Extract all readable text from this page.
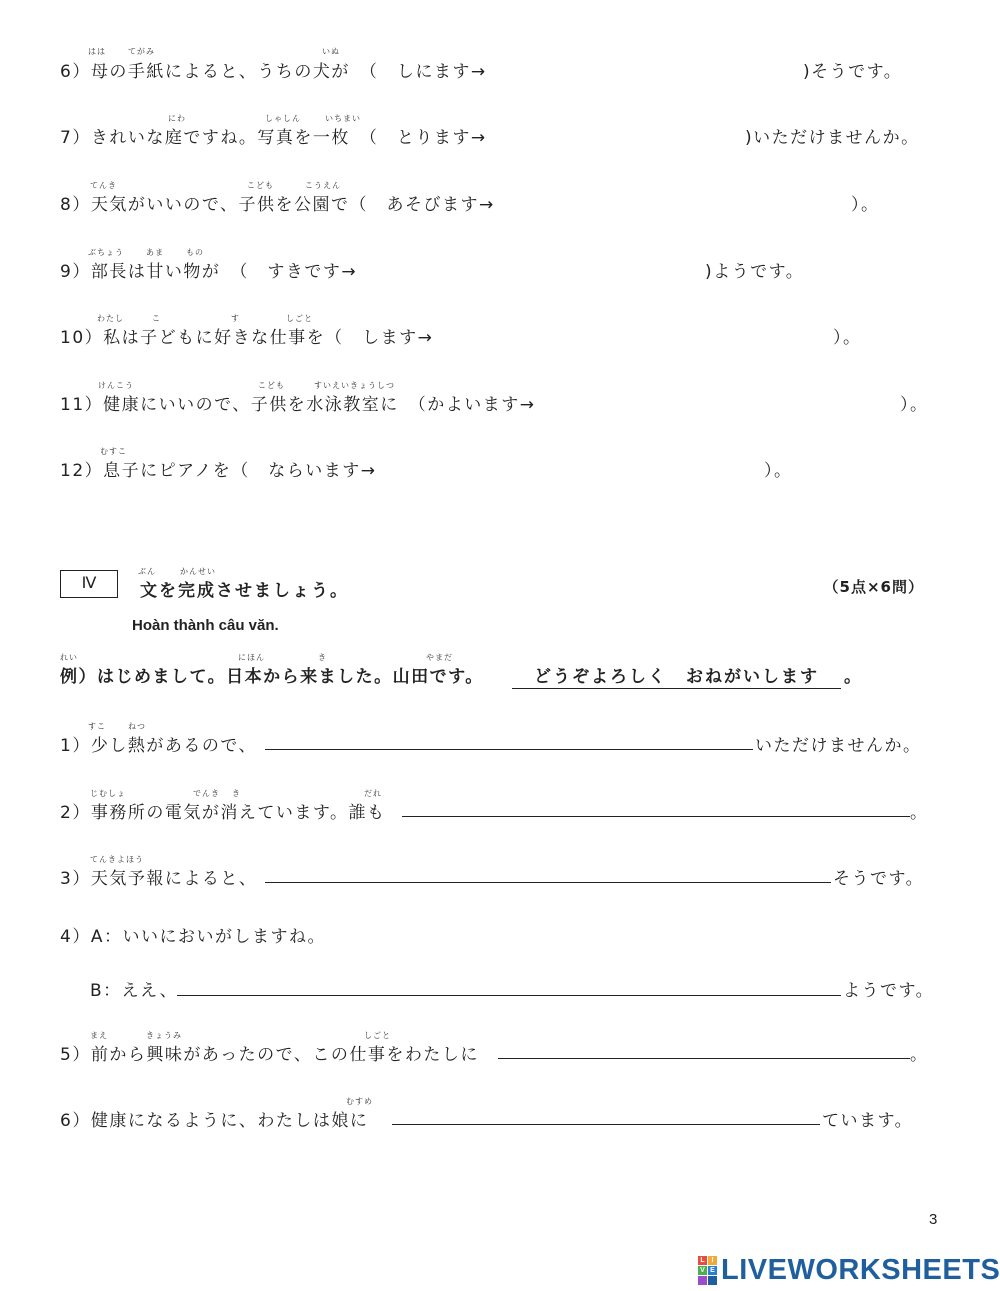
はは	てがみ	いぬ
6）母の手紙によると、うちの犬が　（　しにます→	)そうです。
にわ	しゃしん	いちまい
7）きれいな庭ですね。写真を一枚　（　とります→	)いただけませんか。
てんき	こども	こうえん
8）天気がいいので、子供を公園で（　あそびます→	）。
ぶちょう	あま	もの
9）部長は甘い物が　（　すきです→	)ようです。
わたし	こ	す	しごと
10）私は子どもに好きな仕事を（　します→	）。
けんこう	こども	すいえいきょうしつ
11）健康にいいので、子供を水泳教室に　（かよいます→	）。
むすこ
12）息子にピアノを（　ならいます→	）。
Ⅳ
ぶん	かんせい
文を完成させましょう。	（5点×6問）
Hoàn thành câu văn.
れい	にほん	き	やまだ
例）はじめまして。日本から来ました。山田です。	どうぞよろしく　おねがいします	。
すこ	ねつ
1）少し熱があるので、	いただけませんか。
じむしょ	でんき き	だれ
2）事務所の電気が消えています。誰も	。
てんきよほう
3）天気予報によると、	そうです。
4）A：いいにおいがしますね。
B：ええ、	ようです。
まえ	きょうみ	しごと
5）前から興味があったので、この仕事をわたしに	。
むすめ
6）健康になるように、わたしは娘に	ています。
3
L I
V E LIVEWORKSHEETS
